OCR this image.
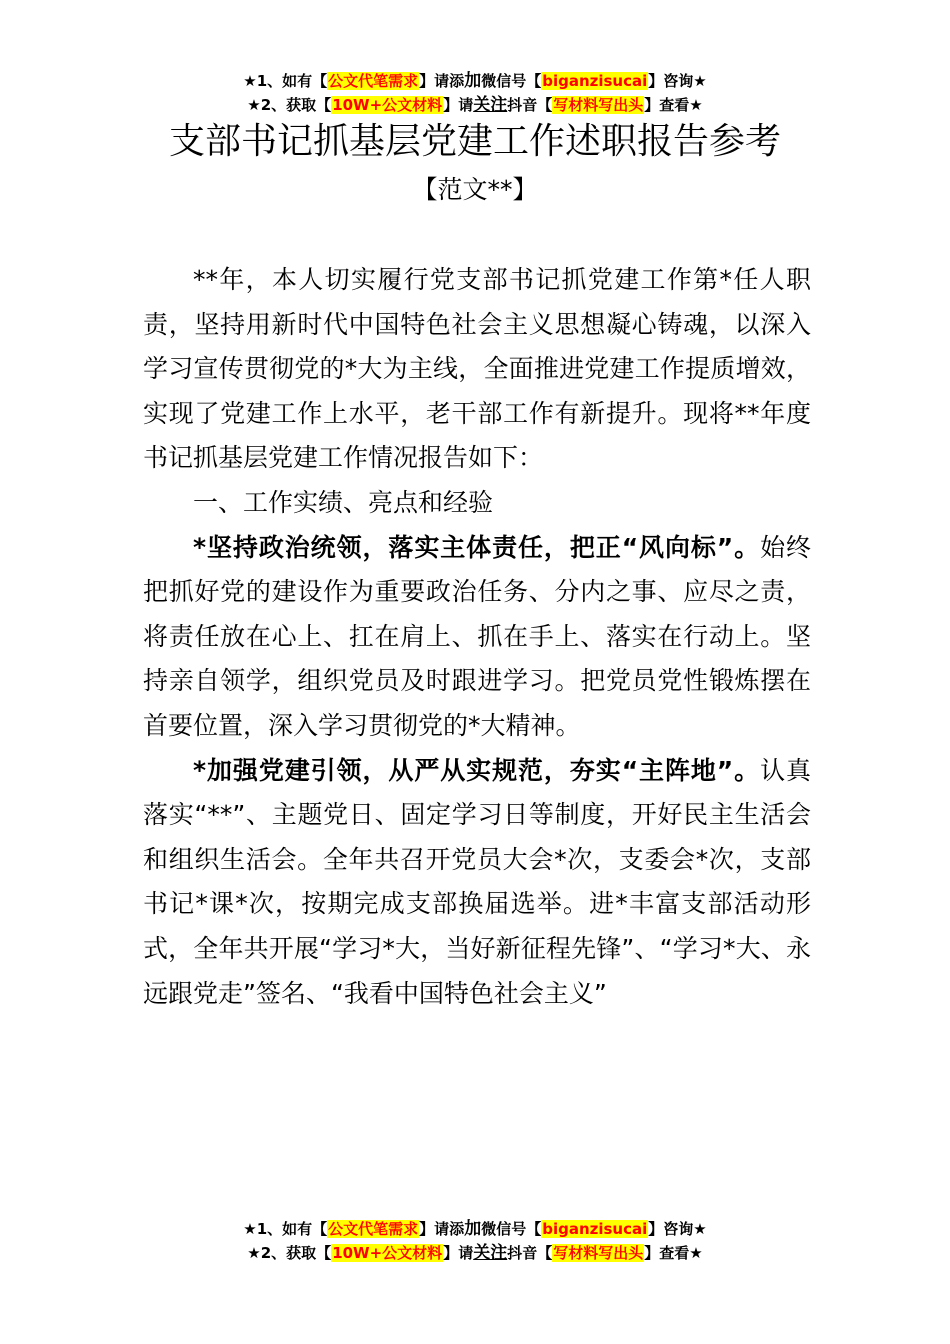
★1、如有【公文代笔需求】请添加微信号【biganzisucai】咨询★
★2、获取【10W+公文材料】请关注抖音【写材料写出头】查看★
支部书记抓基层党建工作述职报告参考
【范文**】

**年，本人切实履行党支部书记抓党建工作第*任人职责，坚持用新时代中国特色社会主义思想凝心铸魂，以深入学习宣传贯彻党的*大为主线，全面推进党建工作提质增效，实现了党建工作上水平，老干部工作有新提升。现将**年度书记抓基层党建工作情况报告如下：

一、工作实绩、亮点和经验

*坚持政治统领，落实主体责任，把正“风向标”。始终把抓好党的建设作为重要政治任务、分内之事、应尽之责，将责任放在心上、扛在肩上、抓在手上、落实在行动上。坚持亲自领学，组织党员及时跟进学习。把党员党性锻炼摆在首要位置，深入学习贯彻党的*大精神。

*加强党建引领，从严从实规范，夯实“主阵地”。认真落实“**”、主题党日、固定学习日等制度，开好民主生活会和组织生活会。全年共召开党员大会*次，支委会*次，支部书记*课*次，按期完成支部换届选举。进*丰富支部活动形式，全年共开展“学习*大，当好新征程先锋”、“学习*大、永远跟党走”签名、“我看中国特色社会主义”

★1、如有【公文代笔需求】请添加微信号【biganzisucai】咨询★
★2、获取【10W+公文材料】请关注抖音【写材料写出头】查看★
